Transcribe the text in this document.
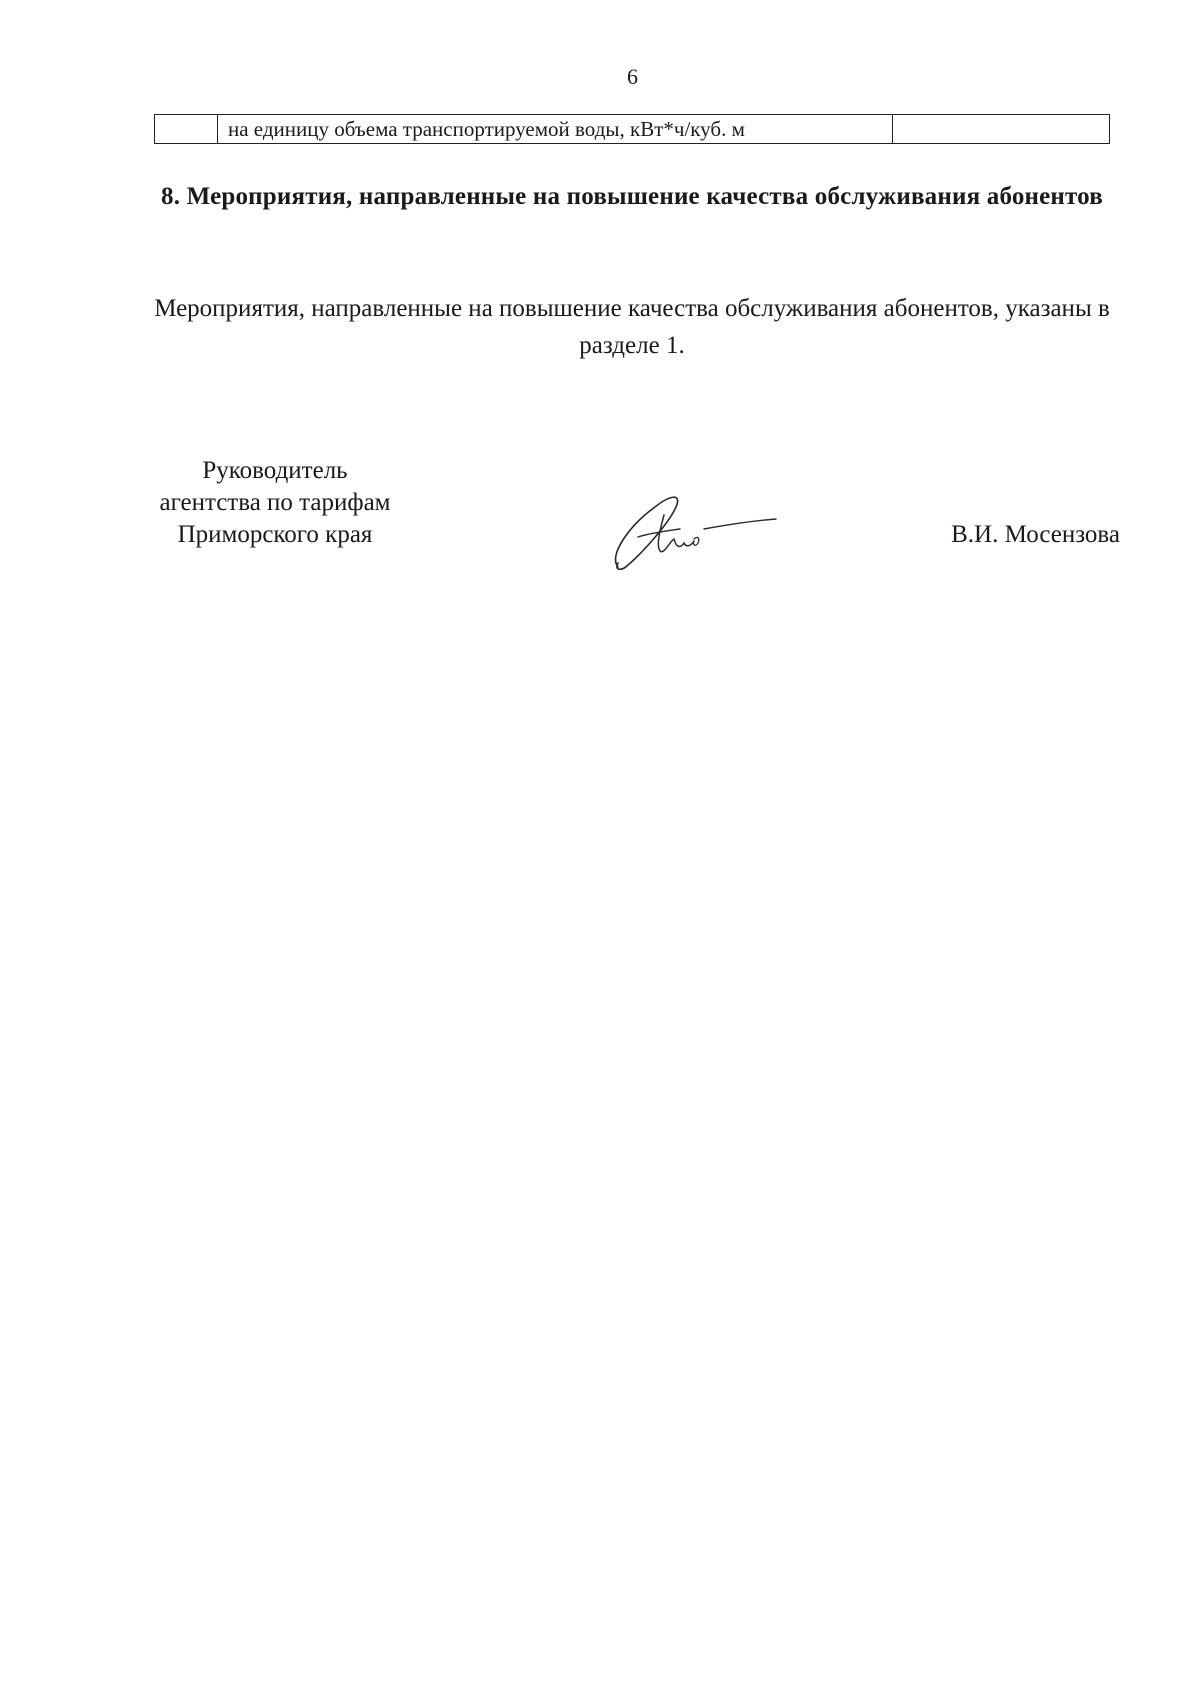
6
	на единицу объема транспортируемой воды, кВт*ч/куб. м	
8. Мероприятия, направленные на повышение качества обслуживания абонентов
Мероприятия, направленные на повышение качества обслуживания абонентов, указаны в разделе 1.
Руководитель
агентства по тарифам
Приморского края	В.И. Мосензова
